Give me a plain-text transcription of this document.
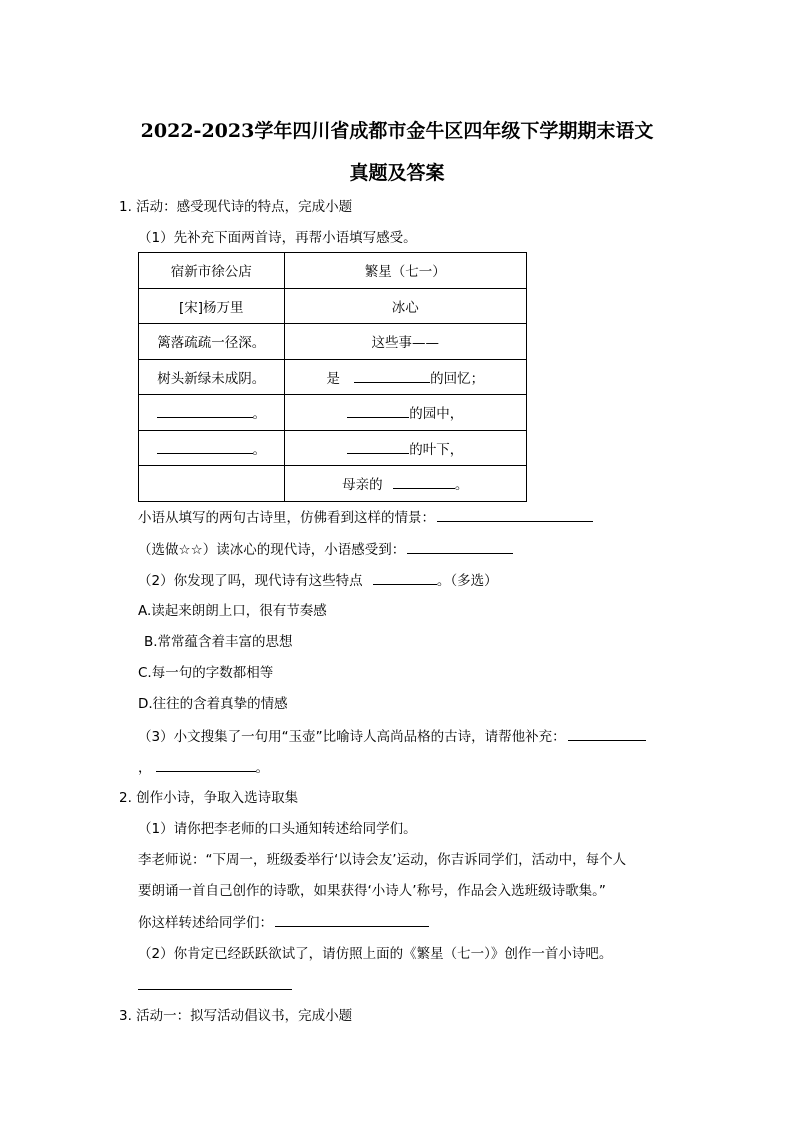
2022-2023学年四川省成都市金牛区四年级下学期期末语文
真题及答案
1. 活动：感受现代诗的特点，完成小题
（1）先补充下面两首诗，再帮小语填写感受。
宿新市徐公店	繁星（七一）
[宋]杨万里	冰心
篱落疏疏一径深。	这些事——
树头新绿未成阴。	是 的回忆；
。	的园中，
。	的叶下，
	母亲的 。
小语从填写的两句古诗里，仿佛看到这样的情景：
（选做☆☆）读冰心的现代诗，小语感受到：
（2）你发现了吗，现代诗有这些特点	。（多选）
A.读起来朗朗上口，很有节奏感
B.常常蕴含着丰富的思想
C.每一句的字数都相等
D.往往的含着真挚的情感
（3）小文搜集了一句用“玉壶”比喻诗人高尚品格的古诗，请帮他补充：
，	。
2. 创作小诗，争取入选诗取集
（1）请你把李老师的口头通知转述给同学们。
李老师说：“下周一，班级委举行‘以诗会友’运动，你吉诉同学们，活动中，每个人
要朗诵一首自己创作的诗歌，如果获得‘小诗人’称号，作品会入选班级诗歌集。”
你这样转述给同学们：
（2）你肯定已经跃跃欲试了，请仿照上面的《繁星（七一）》创作一首小诗吧。
3. 活动一：拟写活动倡议书，完成小题
